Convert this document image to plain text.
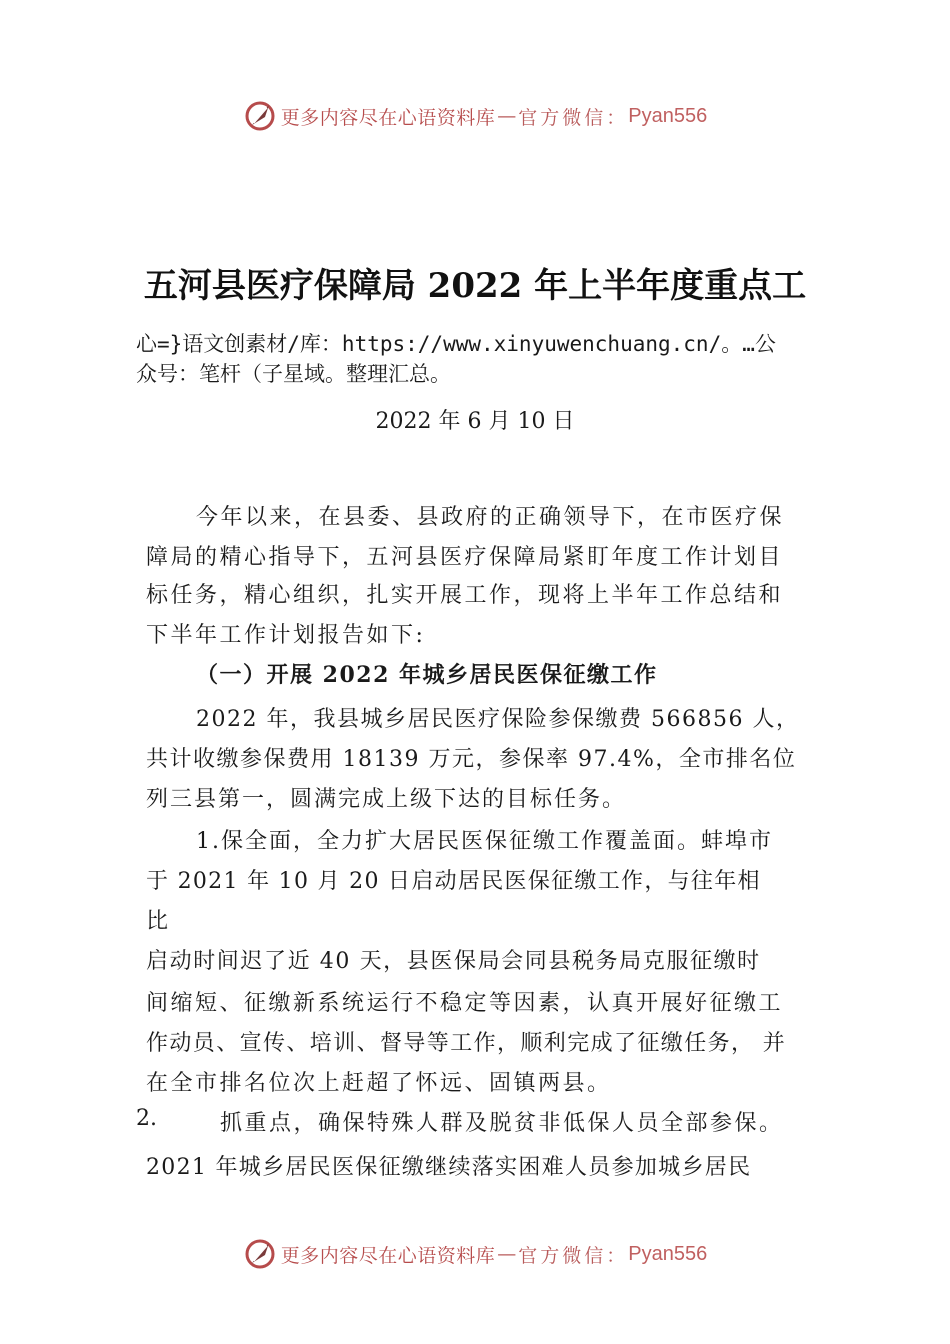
更多内容尽在心语资料库 — 官方微信： Pyan556
五河县医疗保障局 2022 年上半年度重点工
心=}语文创素材/库：https://www.xinyuwenchuang.cn/。…公
众号：笔杆（子星域。整理汇总。
2022 年 6 月 10 日
今年以来，在县委、县政府的正确领导下，在市医疗保
障局的精心指导下，五河县医疗保障局紧盯年度工作计划目
标任务，精心组织，扎实开展工作，现将上半年工作总结和
下半年工作计划报告如下:
（一）开展 2022 年城乡居民医保征缴工作
2022 年，我县城乡居民医疗保险参保缴费 566856 人，
共计收缴参保费用 18139 万元，参保率 97.4%，全市排名位
列三县第一，圆满完成上级下达的目标任务。
1.保全面，全力扩大居民医保征缴工作覆盖面。蚌埠市
于 2021 年 10 月 20 日启动居民医保征缴工作，与往年相
比
启动时间迟了近 40 天，县医保局会同县税务局克服征缴时
间缩短、征缴新系统运行不稳定等因素，认真开展好征缴工
作动员、宣传、培训、督导等工作，顺利完成了征缴任务， 并
在全市排名位次上赶超了怀远、固镇两县。
2.	抓重点，确保特殊人群及脱贫非低保人员全部参保。
2021 年城乡居民医保征缴继续落实困难人员参加城乡居民
更多内容尽在心语资料库 — 官方微信： Pyan556
